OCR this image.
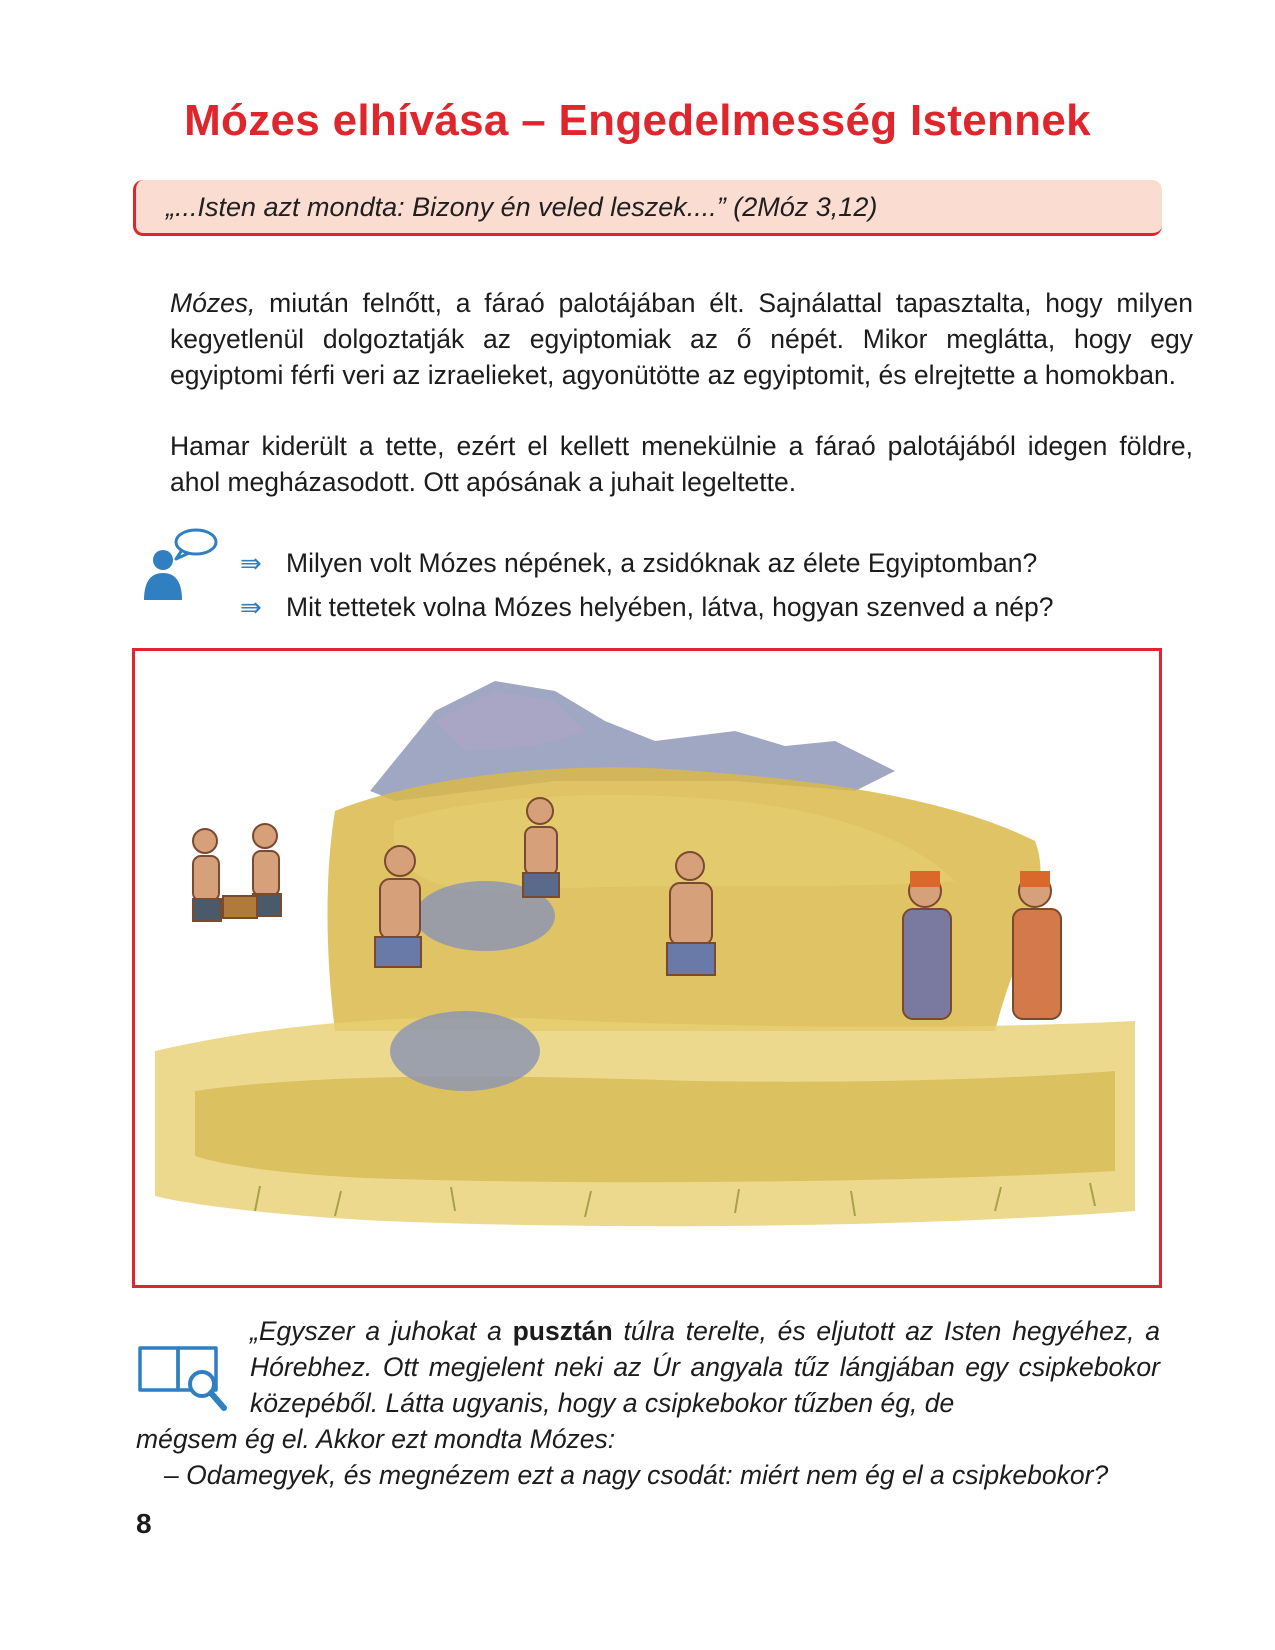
Mózes elhívása – Engedelmesség Istennek
„...Isten azt mondta: Bizony én veled leszek....” (2Móz 3,12)

Mózes, miután felnőtt, a fáraó palotájában élt. Sajnálattal tapasztalta, hogy milyen kegyetlenül dolgoztatják az egyiptomiak az ő népét. Mikor meglátta, hogy egy egyiptomi férfi veri az izraelieket, agyonütötte az egyiptomit, és elrejtette a homokban.

Hamar kiderült a tette, ezért el kellett menekülnie a fáraó palotájából idegen földre, ahol megházasodott. Ott apósának a juhait legeltette.

⇛ Milyen volt Mózes népének, a zsidóknak az élete Egyiptomban?
⇛ Mit tettetek volna Mózes helyében, látva, hogyan szenved a nép?

„Egyszer a juhokat a pusztán túlra terelte, és eljutott az Isten hegyéhez, a Hórebhez. Ott megjelent neki az Úr angyala tűz lángjában egy csipkebokor közepéből. Látta ugyanis, hogy a csipkebokor tűzben ég, de

mégsem ég el. Akkor ezt mondta Mózes:

– Odamegyek, és megnézem ezt a nagy csodát: miért nem ég el a csipkebokor?

8
